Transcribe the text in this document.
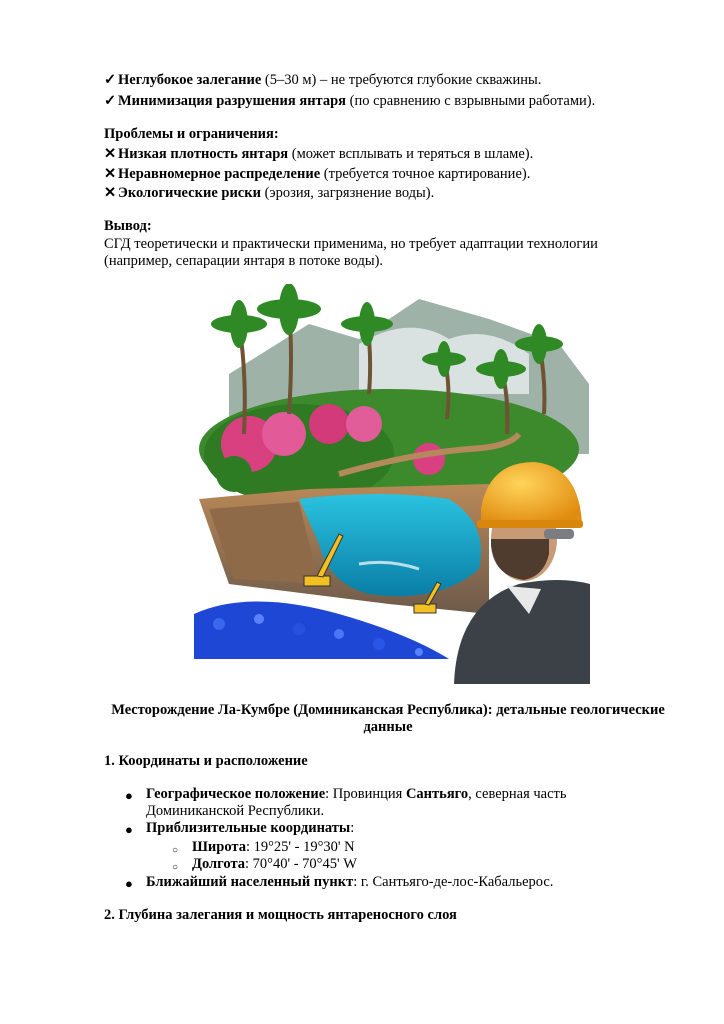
✓ Неглубокое залегание (5–30 м) – не требуются глубокие скважины.
✓ Минимизация разрушения янтаря (по сравнению с взрывными работами).
Проблемы и ограничения:
✕ Низкая плотность янтаря (может всплывать и теряться в шламе).
✕ Неравномерное распределение (требуется точное картирование).
✕ Экологические риски (эрозия, загрязнение воды).
Вывод:
СГД теоретически и практически применима, но требует адаптации технологии
(например, сепарации янтаря в потоке воды).
Месторождение Ла-Кумбре (Доминиканская Республика): детальные геологические
данные
1. Координаты и расположение
● Географическое положение: Провинция Сантьяго, северная часть
Доминиканской Республики.
● Приблизительные координаты:
○ Широта: 19°25' - 19°30' N
○ Долгота: 70°40' - 70°45' W
● Ближайший населенный пункт: г. Сантьяго-де-лос-Кабальерос.
2. Глубина залегания и мощность янтареносного слоя
